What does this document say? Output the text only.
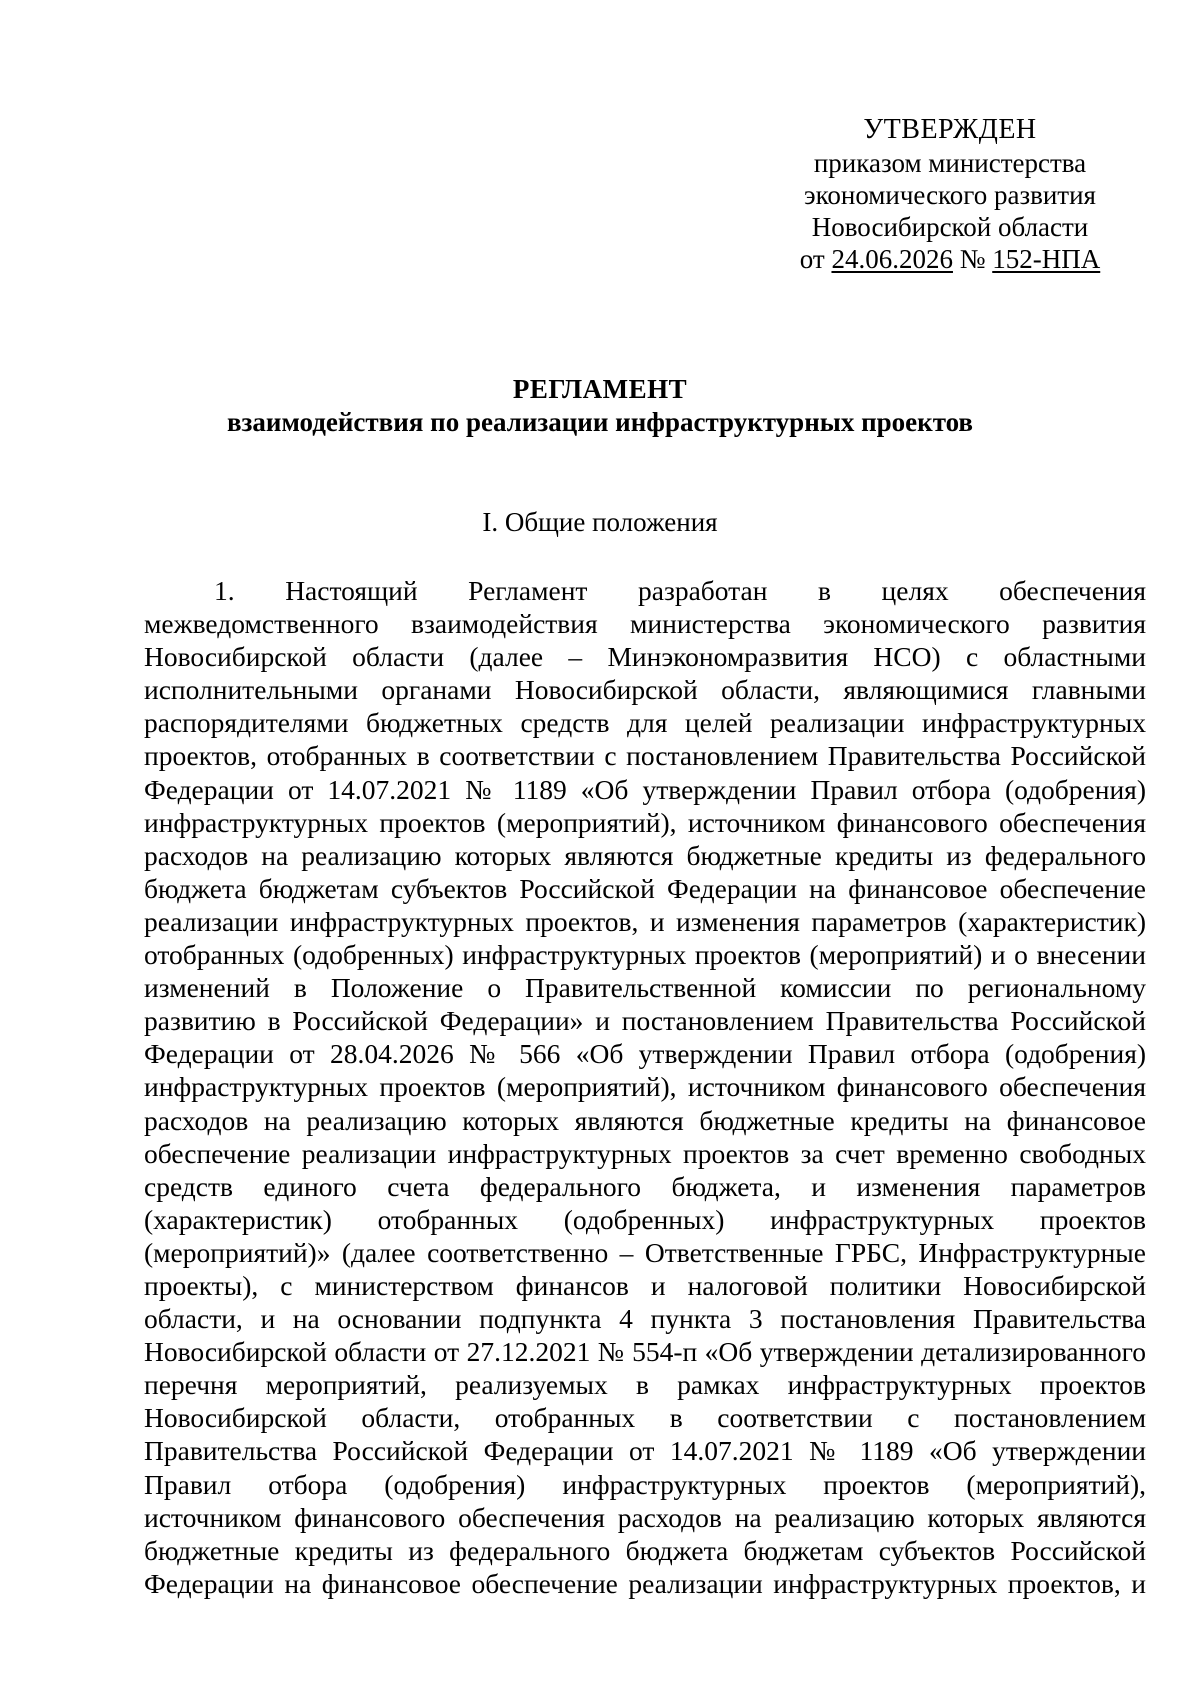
УТВЕРЖДЕН
приказом министерства
экономического развития
Новосибирской области
от 24.06.2026 № 152-НПА
РЕГЛАМЕНТ
взаимодействия по реализации инфраструктурных проектов
I. Общие положения
1. Настоящий Регламент разработан в целях обеспечения
межведомственного взаимодействия министерства экономического развития
Новосибирской области (далее – Минэкономразвития НСО) с областными
исполнительными органами Новосибирской области, являющимися главными
распорядителями бюджетных средств для целей реализации инфраструктурных
проектов, отобранных в соответствии с постановлением Правительства Российской
Федерации от 14.07.2021 № 1189 «Об утверждении Правил отбора (одобрения)
инфраструктурных проектов (мероприятий), источником финансового обеспечения
расходов на реализацию которых являются бюджетные кредиты из федерального
бюджета бюджетам субъектов Российской Федерации на финансовое обеспечение
реализации инфраструктурных проектов, и изменения параметров (характеристик)
отобранных (одобренных) инфраструктурных проектов (мероприятий) и о внесении
изменений в Положение о Правительственной комиссии по региональному
развитию в Российской Федерации» и постановлением Правительства Российской
Федерации от 28.04.2026 № 566 «Об утверждении Правил отбора (одобрения)
инфраструктурных проектов (мероприятий), источником финансового обеспечения
расходов на реализацию которых являются бюджетные кредиты на финансовое
обеспечение реализации инфраструктурных проектов за счет временно свободных
средств единого счета федерального бюджета, и изменения параметров
(характеристик) отобранных (одобренных) инфраструктурных проектов
(мероприятий)» (далее соответственно – Ответственные ГРБС, Инфраструктурные
проекты), с министерством финансов и налоговой политики Новосибирской
области, и на основании подпункта 4 пункта 3 постановления Правительства
Новосибирской области от 27.12.2021 № 554-п «Об утверждении детализированного
перечня мероприятий, реализуемых в рамках инфраструктурных проектов
Новосибирской области, отобранных в соответствии с постановлением
Правительства Российской Федерации от 14.07.2021 № 1189 «Об утверждении
Правил отбора (одобрения) инфраструктурных проектов (мероприятий),
источником финансового обеспечения расходов на реализацию которых являются
бюджетные кредиты из федерального бюджета бюджетам субъектов Российской
Федерации на финансовое обеспечение реализации инфраструктурных проектов, и
